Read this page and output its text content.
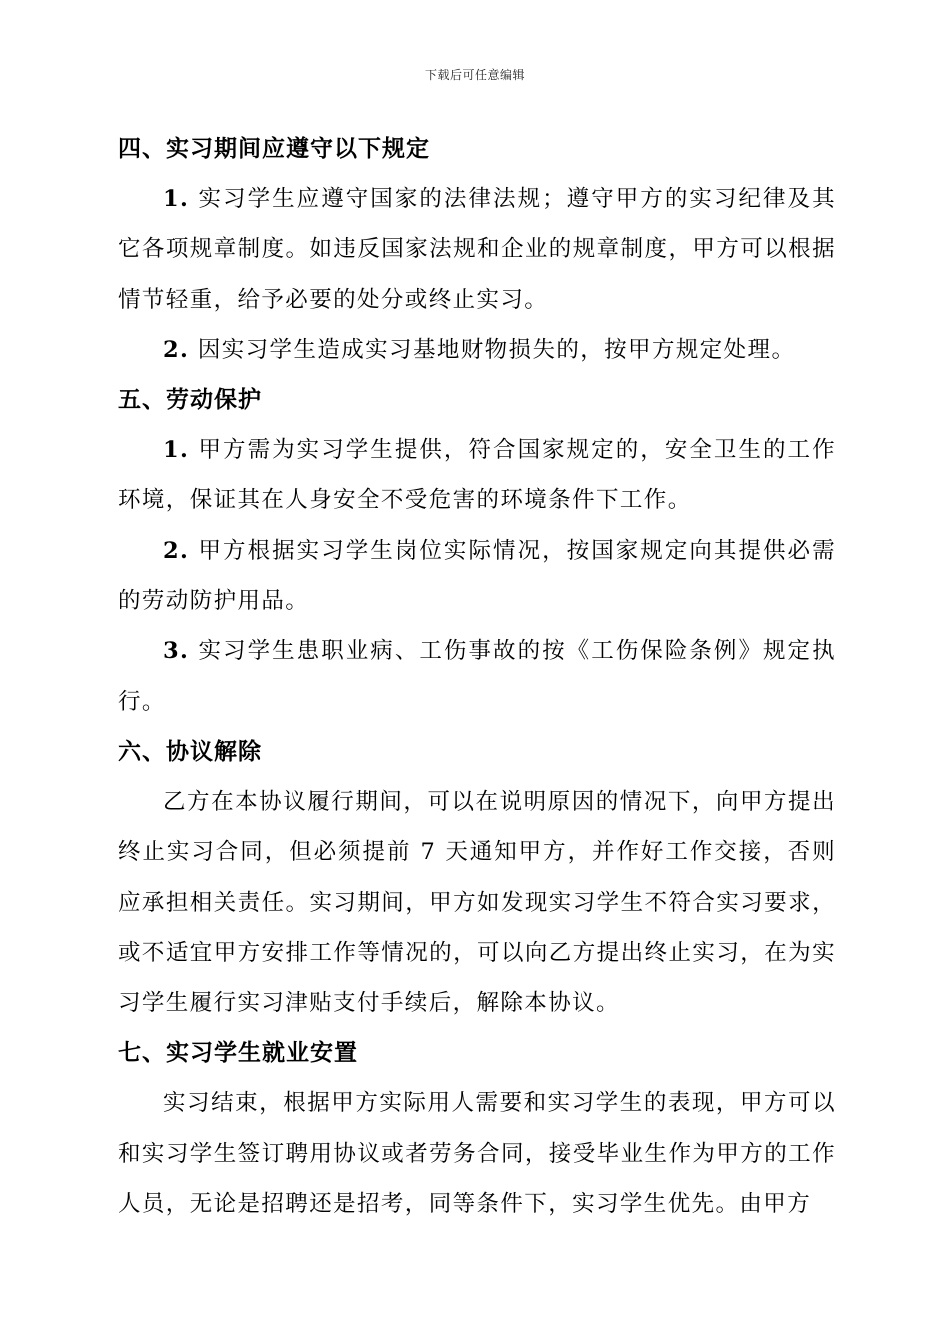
下载后可任意编辑
四、实习期间应遵守以下规定

1. 实习学生应遵守国家的法律法规；遵守甲方的实习纪律及其它各项规章制度。如违反国家法规和企业的规章制度，甲方可以根据情节轻重，给予必要的处分或终止实习。

2. 因实习学生造成实习基地财物损失的，按甲方规定处理。

五、劳动保护

1. 甲方需为实习学生提供，符合国家规定的，安全卫生的工作环境，保证其在人身安全不受危害的环境条件下工作。

2. 甲方根据实习学生岗位实际情况，按国家规定向其提供必需的劳动防护用品。

3. 实习学生患职业病、工伤事故的按《工伤保险条例》规定执行。

六、协议解除

乙方在本协议履行期间，可以在说明原因的情况下，向甲方提出终止实习合同，但必须提前 7 天通知甲方，并作好工作交接，否则应承担相关责任。实习期间，甲方如发现实习学生不符合实习要求，或不适宜甲方安排工作等情况的，可以向乙方提出终止实习，在为实习学生履行实习津贴支付手续后，解除本协议。

七、实习学生就业安置

实习结束，根据甲方实际用人需要和实习学生的表现，甲方可以和实习学生签订聘用协议或者劳务合同，接受毕业生作为甲方的工作人员，无论是招聘还是招考，同等条件下，实习学生优先。由甲方
